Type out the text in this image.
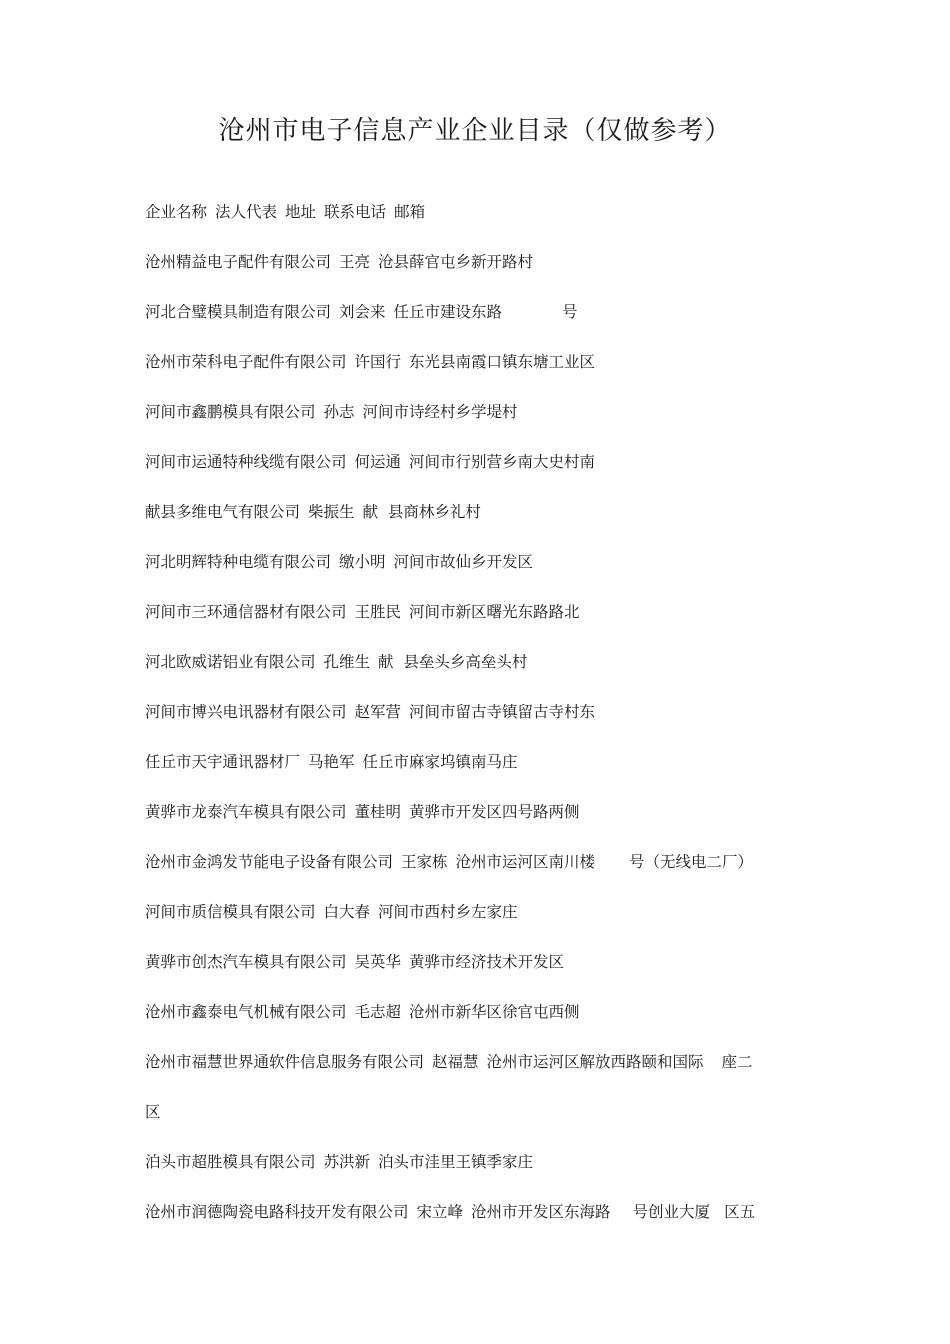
沧州市电子信息产业企业目录（仅做参考）
企业名称 法人代表 地址 联系电话 邮箱
沧州精益电子配件有限公司 王亮 沧县薛官屯乡新开路村
河北合璧模具制造有限公司 刘会来 任丘市建设东路	号
沧州市荣科电子配件有限公司 许国行 东光县南霞口镇东塘工业区
河间市鑫鹏模具有限公司 孙志 河间市诗经村乡学堤村
河间市运通特种线缆有限公司 何运通 河间市行别营乡南大史村南
献县多维电气有限公司 柴振生 献  县商林乡礼村
河北明辉特种电缆有限公司 缴小明 河间市故仙乡开发区
河间市三环通信器材有限公司 王胜民 河间市新区曙光东路路北
河北欧威诺铝业有限公司 孔维生 献  县垒头乡高垒头村
河间市博兴电讯器材有限公司 赵军营 河间市留古寺镇留古寺村东
任丘市天宇通讯器材厂 马艳军 任丘市麻家坞镇南马庄
黄骅市龙泰汽车模具有限公司 董桂明 黄骅市开发区四号路两侧
沧州市金鸿发节能电子设备有限公司 王家栋 沧州市运河区南川楼 号（无线电二厂）
河间市质信模具有限公司 白大春 河间市西村乡左家庄
黄骅市创杰汽车模具有限公司 吴英华 黄骅市经济技术开发区
沧州市鑫泰电气机械有限公司 毛志超 沧州市新华区徐官屯西侧
沧州市福慧世界通软件信息服务有限公司 赵福慧 沧州市运河区解放西路颐和国际 座二
区
泊头市超胜模具有限公司 苏洪新 泊头市洼里王镇季家庄
沧州市润德陶瓷电路科技开发有限公司 宋立峰 沧州市开发区东海路 号创业大厦 区五
